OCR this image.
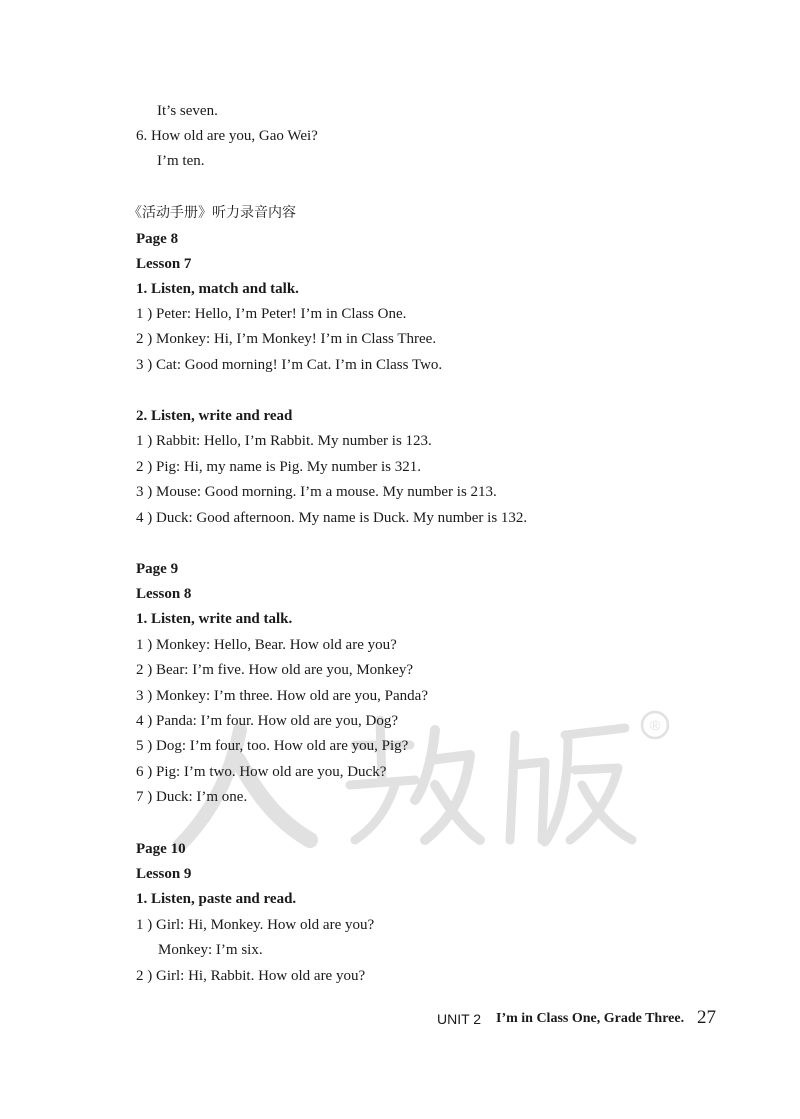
It’s seven.
6. How old are you, Gao Wei?
I’m ten.
《活动手册》听力录音内容
Page 8
Lesson 7
1. Listen, match and talk.
1 ) Peter: Hello, I’m Peter! I’m in Class One.
2 ) Monkey: Hi, I’m Monkey! I’m in Class Three.
3 ) Cat: Good morning! I’m Cat. I’m in Class Two.
2. Listen, write and read
1 ) Rabbit: Hello, I’m Rabbit. My number is 123.
2 ) Pig: Hi, my name is Pig. My number is 321.
3 ) Mouse: Good morning. I’m a mouse. My number is 213.
4 ) Duck: Good afternoon. My name is Duck. My number is 132.
Page 9
Lesson 8
1. Listen, write and talk.
1 ) Monkey: Hello, Bear. How old are you?
2 ) Bear: I’m five. How old are you, Monkey?
3 ) Monkey: I’m three. How old are you, Panda?
4 ) Panda: I’m four. How old are you, Dog?
5 ) Dog: I’m four, too. How old are you, Pig?
6 ) Pig: I’m two. How old are you, Duck?
7 ) Duck: I’m one.
Page 10
Lesson 9
1. Listen, paste and read.
1 ) Girl: Hi, Monkey. How old are you?
Monkey: I’m six.
2 ) Girl: Hi, Rabbit. How old are you?
®
UNIT 2 I’m in Class One, Grade Three. 27
